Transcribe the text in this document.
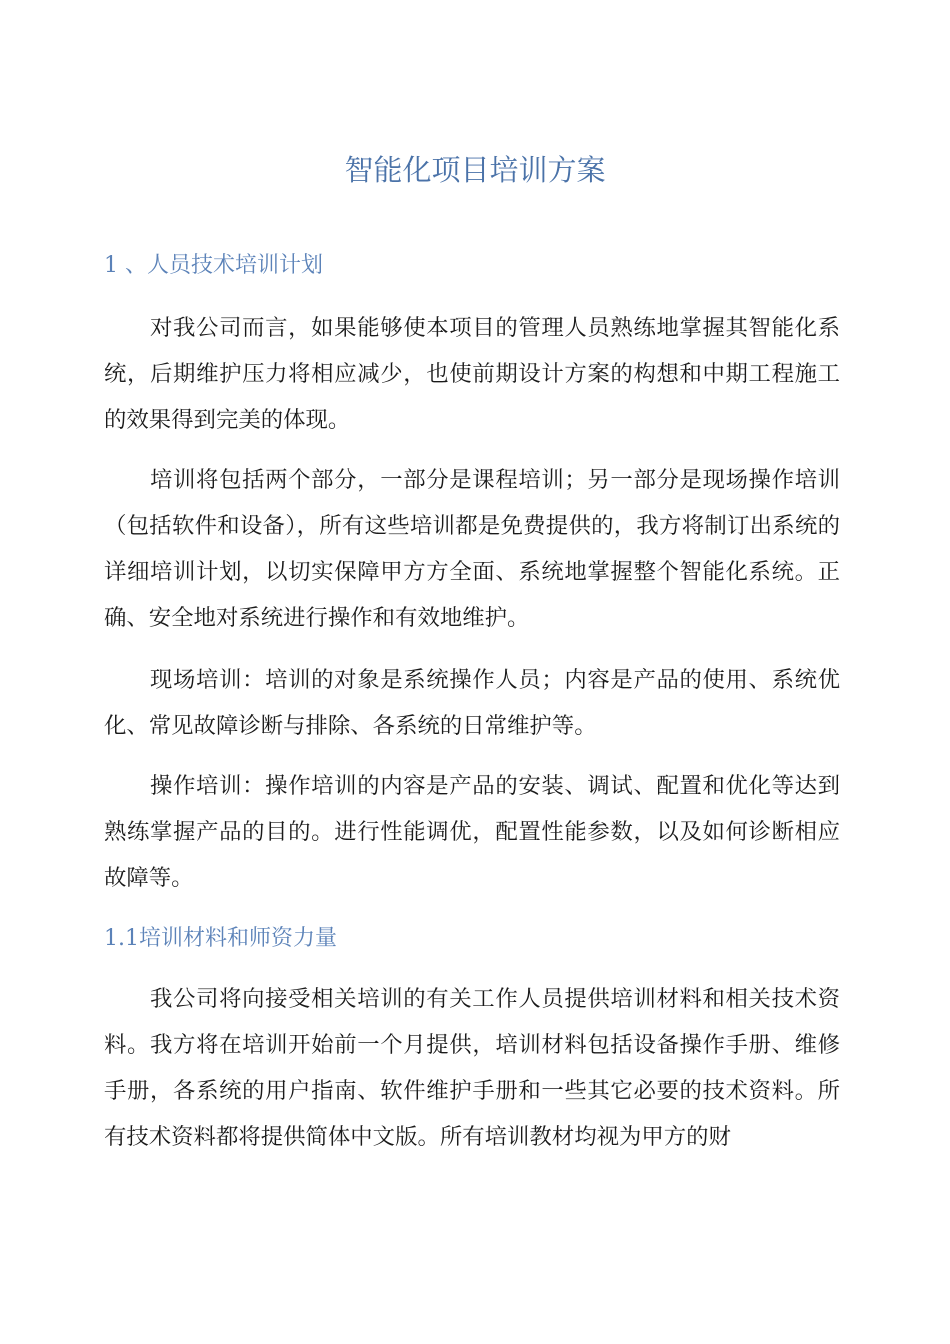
智能化项目培训方案
1 、人员技术培训计划

对我公司而言，如果能够使本项目的管理人员熟练地掌握其智能化系统，后期维护压力将相应减少，也使前期设计方案的构想和中期工程施工的效果得到完美的体现。

培训将包括两个部分，一部分是课程培训；另一部分是现场操作培训（包括软件和设备），所有这些培训都是免费提供的，我方将制订出系统的详细培训计划，以切实保障甲方方全面、系统地掌握整个智能化系统。正确、安全地对系统进行操作和有效地维护。

现场培训：培训的对象是系统操作人员；内容是产品的使用、系统优化、常见故障诊断与排除、各系统的日常维护等。

操作培训：操作培训的内容是产品的安装、调试、配置和优化等达到熟练掌握产品的目的。进行性能调优，配置性能参数，以及如何诊断相应故障等。

1.1培训材料和师资力量

我公司将向接受相关培训的有关工作人员提供培训材料和相关技术资料。我方将在培训开始前一个月提供，培训材料包括设备操作手册、维修手册，各系统的用户指南、软件维护手册和一些其它必要的技术资料。所有技术资料都将提供简体中文版。所有培训教材均视为甲方的财
